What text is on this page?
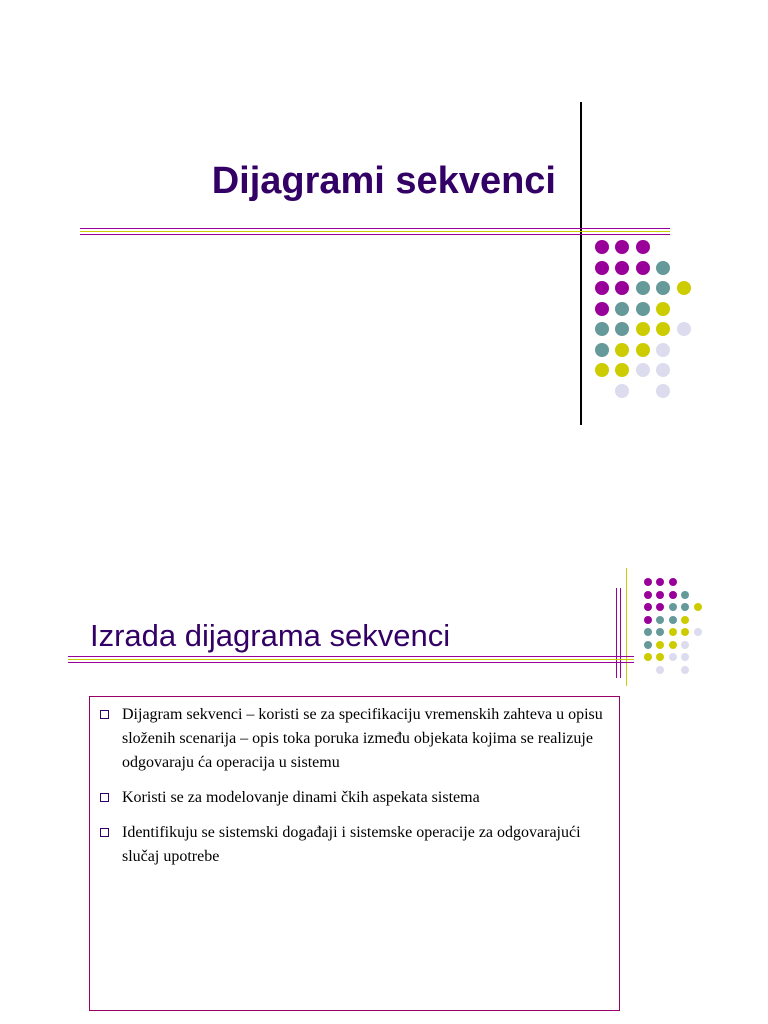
Dijagrami sekvenci
Izrada dijagrama sekvenci
Dijagram sekvenci – koristi se za specifikaciju vremenskih zahteva u opisu složenih scenarija – opis toka poruka između objekata kojima se realizuje odgovaraju ća operacija u sistemu
Koristi se za modelovanje dinami čkih aspekata sistema
Identifikuju se sistemski događaji i sistemske operacije za odgovarajući slučaj upotrebe
